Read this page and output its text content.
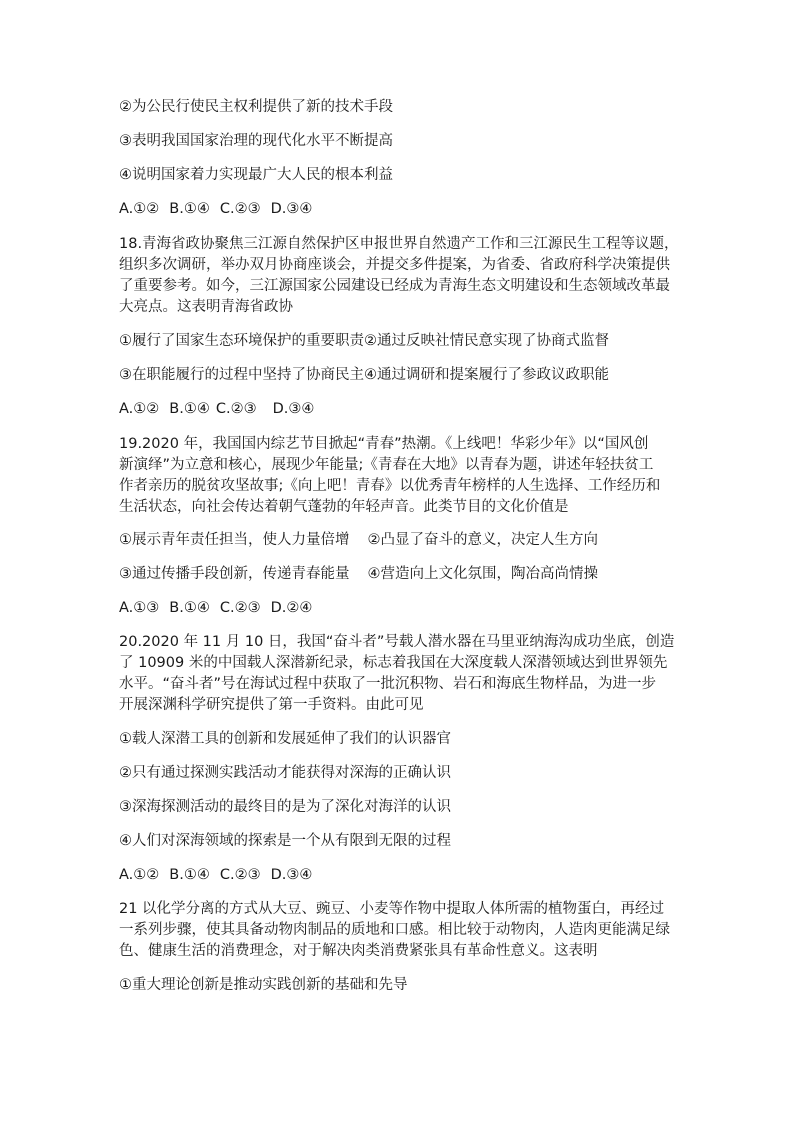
②为公民行使民主权利提供了新的技术手段
③表明我国国家治理的现代化水平不断提高
④说明国家着力实现最广大人民的根本利益
A.①② B.①④ C.②③ D.③④
18.青海省政协聚焦三江源自然保护区申报世界自然遗产工作和三江源民生工程等议题，
组织多次调研，举办双月协商座谈会，并提交多件提案，为省委、省政府科学决策提供
了重要参考。如今，三江源国家公园建设已经成为青海生态文明建设和生态领域改革最
大亮点。这表明青海省政协
①履行了国家生态环境保护的重要职责②通过反映社情民意实现了协商式监督
③在职能履行的过程中坚持了协商民主④通过调研和提案履行了参政议政职能
A.①② B.①④ C.②③ D.③④
19.2020 年，我国国内综艺节目掀起“青春”热潮。《上线吧！华彩少年》以“国风创
新演绎”为立意和核心，展现少年能量;《青春在大地》以青春为题，讲述年轻扶贫工
作者亲历的脱贫攻坚故事;《向上吧！青春》以优秀青年榜样的人生选择、工作经历和
生活状态，向社会传达着朝气蓬勃的年轻声音。此类节目的文化价值是
①展示青年责任担当，使人力量倍增 ②凸显了奋斗的意义，决定人生方向
③通过传播手段创新，传递青春能量 ④营造向上文化氛围，陶冶高尚情操
A.①③ B.①④ C.②③ D.②④
20.2020 年 11 月 10 日，我国“奋斗者”号载人潜水器在马里亚纳海沟成功坐底，创造
了 10909 米的中国载人深潜新纪录，标志着我国在大深度载人深潜领域达到世界领先
水平。“奋斗者”号在海试过程中获取了一批沉积物、岩石和海底生物样品，为进一步
开展深渊科学研究提供了第一手资料。由此可见
①载人深潜工具的创新和发展延伸了我们的认识器官
②只有通过探测实践活动才能获得对深海的正确认识
③深海探测活动的最终目的是为了深化对海洋的认识
④人们对深海领域的探索是一个从有限到无限的过程
A.①② B.①④ C.②③ D.③④
21 以化学分离的方式从大豆、豌豆、小麦等作物中提取人体所需的植物蛋白，再经过
一系列步骤，使其具备动物肉制品的质地和口感。相比较于动物肉，人造肉更能满足绿
色、健康生活的消费理念，对于解决肉类消费紧张具有革命性意义。这表明
①重大理论创新是推动实践创新的基础和先导
